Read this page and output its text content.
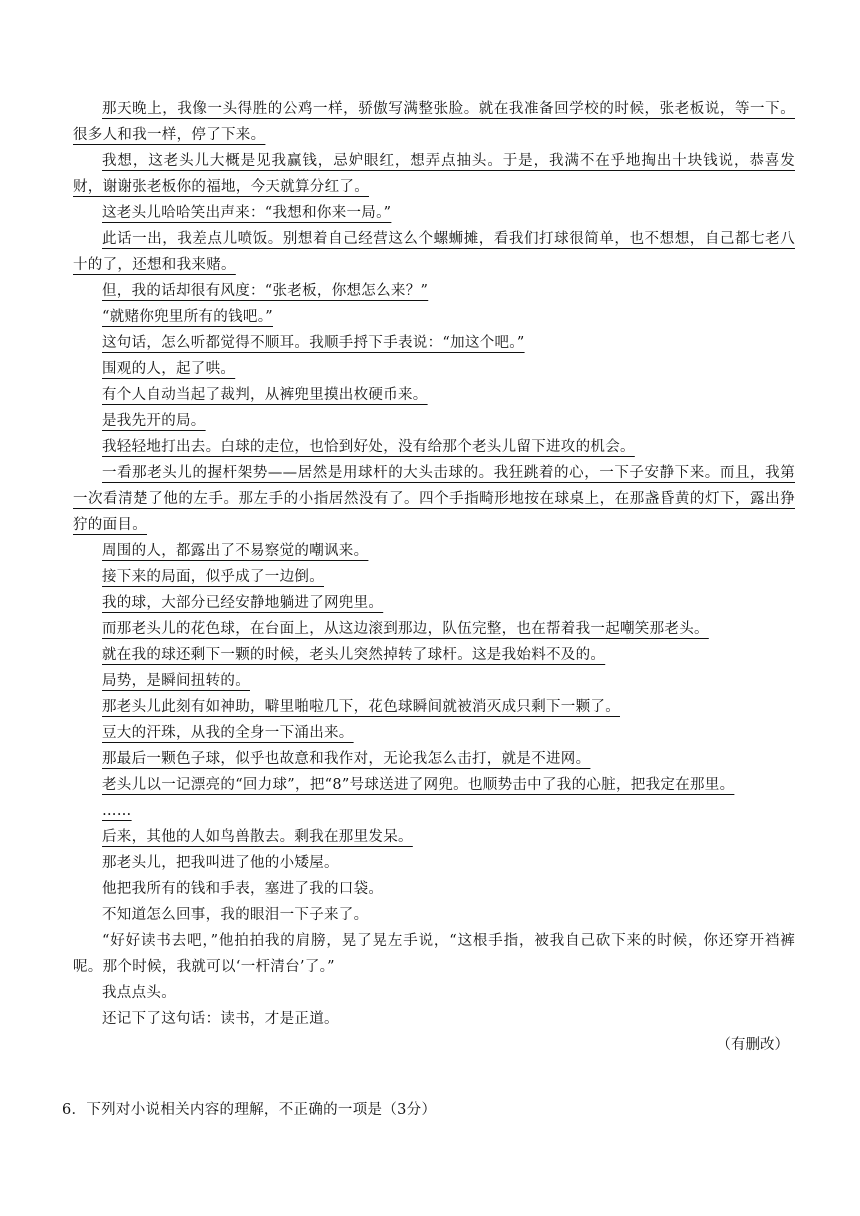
那天晚上，我像一头得胜的公鸡一样，骄傲写满整张脸。就在我准备回学校的时候，张老板说，等一下。很多人和我一样，停了下来。

我想，这老头儿大概是见我赢钱，忌妒眼红，想弄点抽头。于是，我满不在乎地掏出十块钱说，恭喜发财，谢谢张老板你的福地，今天就算分红了。

这老头儿哈哈笑出声来：“我想和你来一局。”

此话一出，我差点儿喷饭。别想着自己经营这么个螺蛳摊，看我们打球很简单，也不想想，自己都七老八十的了，还想和我来赌。

但，我的话却很有风度：“张老板，你想怎么来？”

“就赌你兜里所有的钱吧。”

这句话，怎么听都觉得不顺耳。我顺手捋下手表说：“加这个吧。”

围观的人，起了哄。

有个人自动当起了裁判，从裤兜里摸出枚硬币来。

是我先开的局。

我轻轻地打出去。白球的走位，也恰到好处，没有给那个老头儿留下进攻的机会。

一看那老头儿的握杆架势——居然是用球杆的大头击球的。我狂跳着的心，一下子安静下来。而且，我第一次看清楚了他的左手。那左手的小指居然没有了。四个手指畸形地按在球桌上，在那盏昏黄的灯下，露出狰狞的面目。

周围的人，都露出了不易察觉的嘲讽来。

接下来的局面，似乎成了一边倒。

我的球，大部分已经安静地躺进了网兜里。

而那老头儿的花色球，在台面上，从这边滚到那边，队伍完整，也在帮着我一起嘲笑那老头。

就在我的球还剩下一颗的时候，老头儿突然掉转了球杆。这是我始料不及的。

局势，是瞬间扭转的。

那老头儿此刻有如神助，噼里啪啦几下，花色球瞬间就被消灭成只剩下一颗了。

豆大的汗珠，从我的全身一下涌出来。

那最后一颗色子球，似乎也故意和我作对，无论我怎么击打，就是不进网。

老头儿以一记漂亮的“回力球”，把“8”号球送进了网兜。也顺势击中了我的心脏，把我定在那里。

……

后来，其他的人如鸟兽散去。剩我在那里发呆。

那老头儿，把我叫进了他的小矮屋。

他把我所有的钱和手表，塞进了我的口袋。

不知道怎么回事，我的眼泪一下子来了。

“好好读书去吧，”他拍拍我的肩膀，晃了晃左手说，“这根手指，被我自己砍下来的时候，你还穿开裆裤呢。那个时候，我就可以‘一杆清台’了。”

我点点头。

还记下了这句话：读书，才是正道。

（有删改）

6．下列对小说相关内容的理解，不正确的一项是（3分）
